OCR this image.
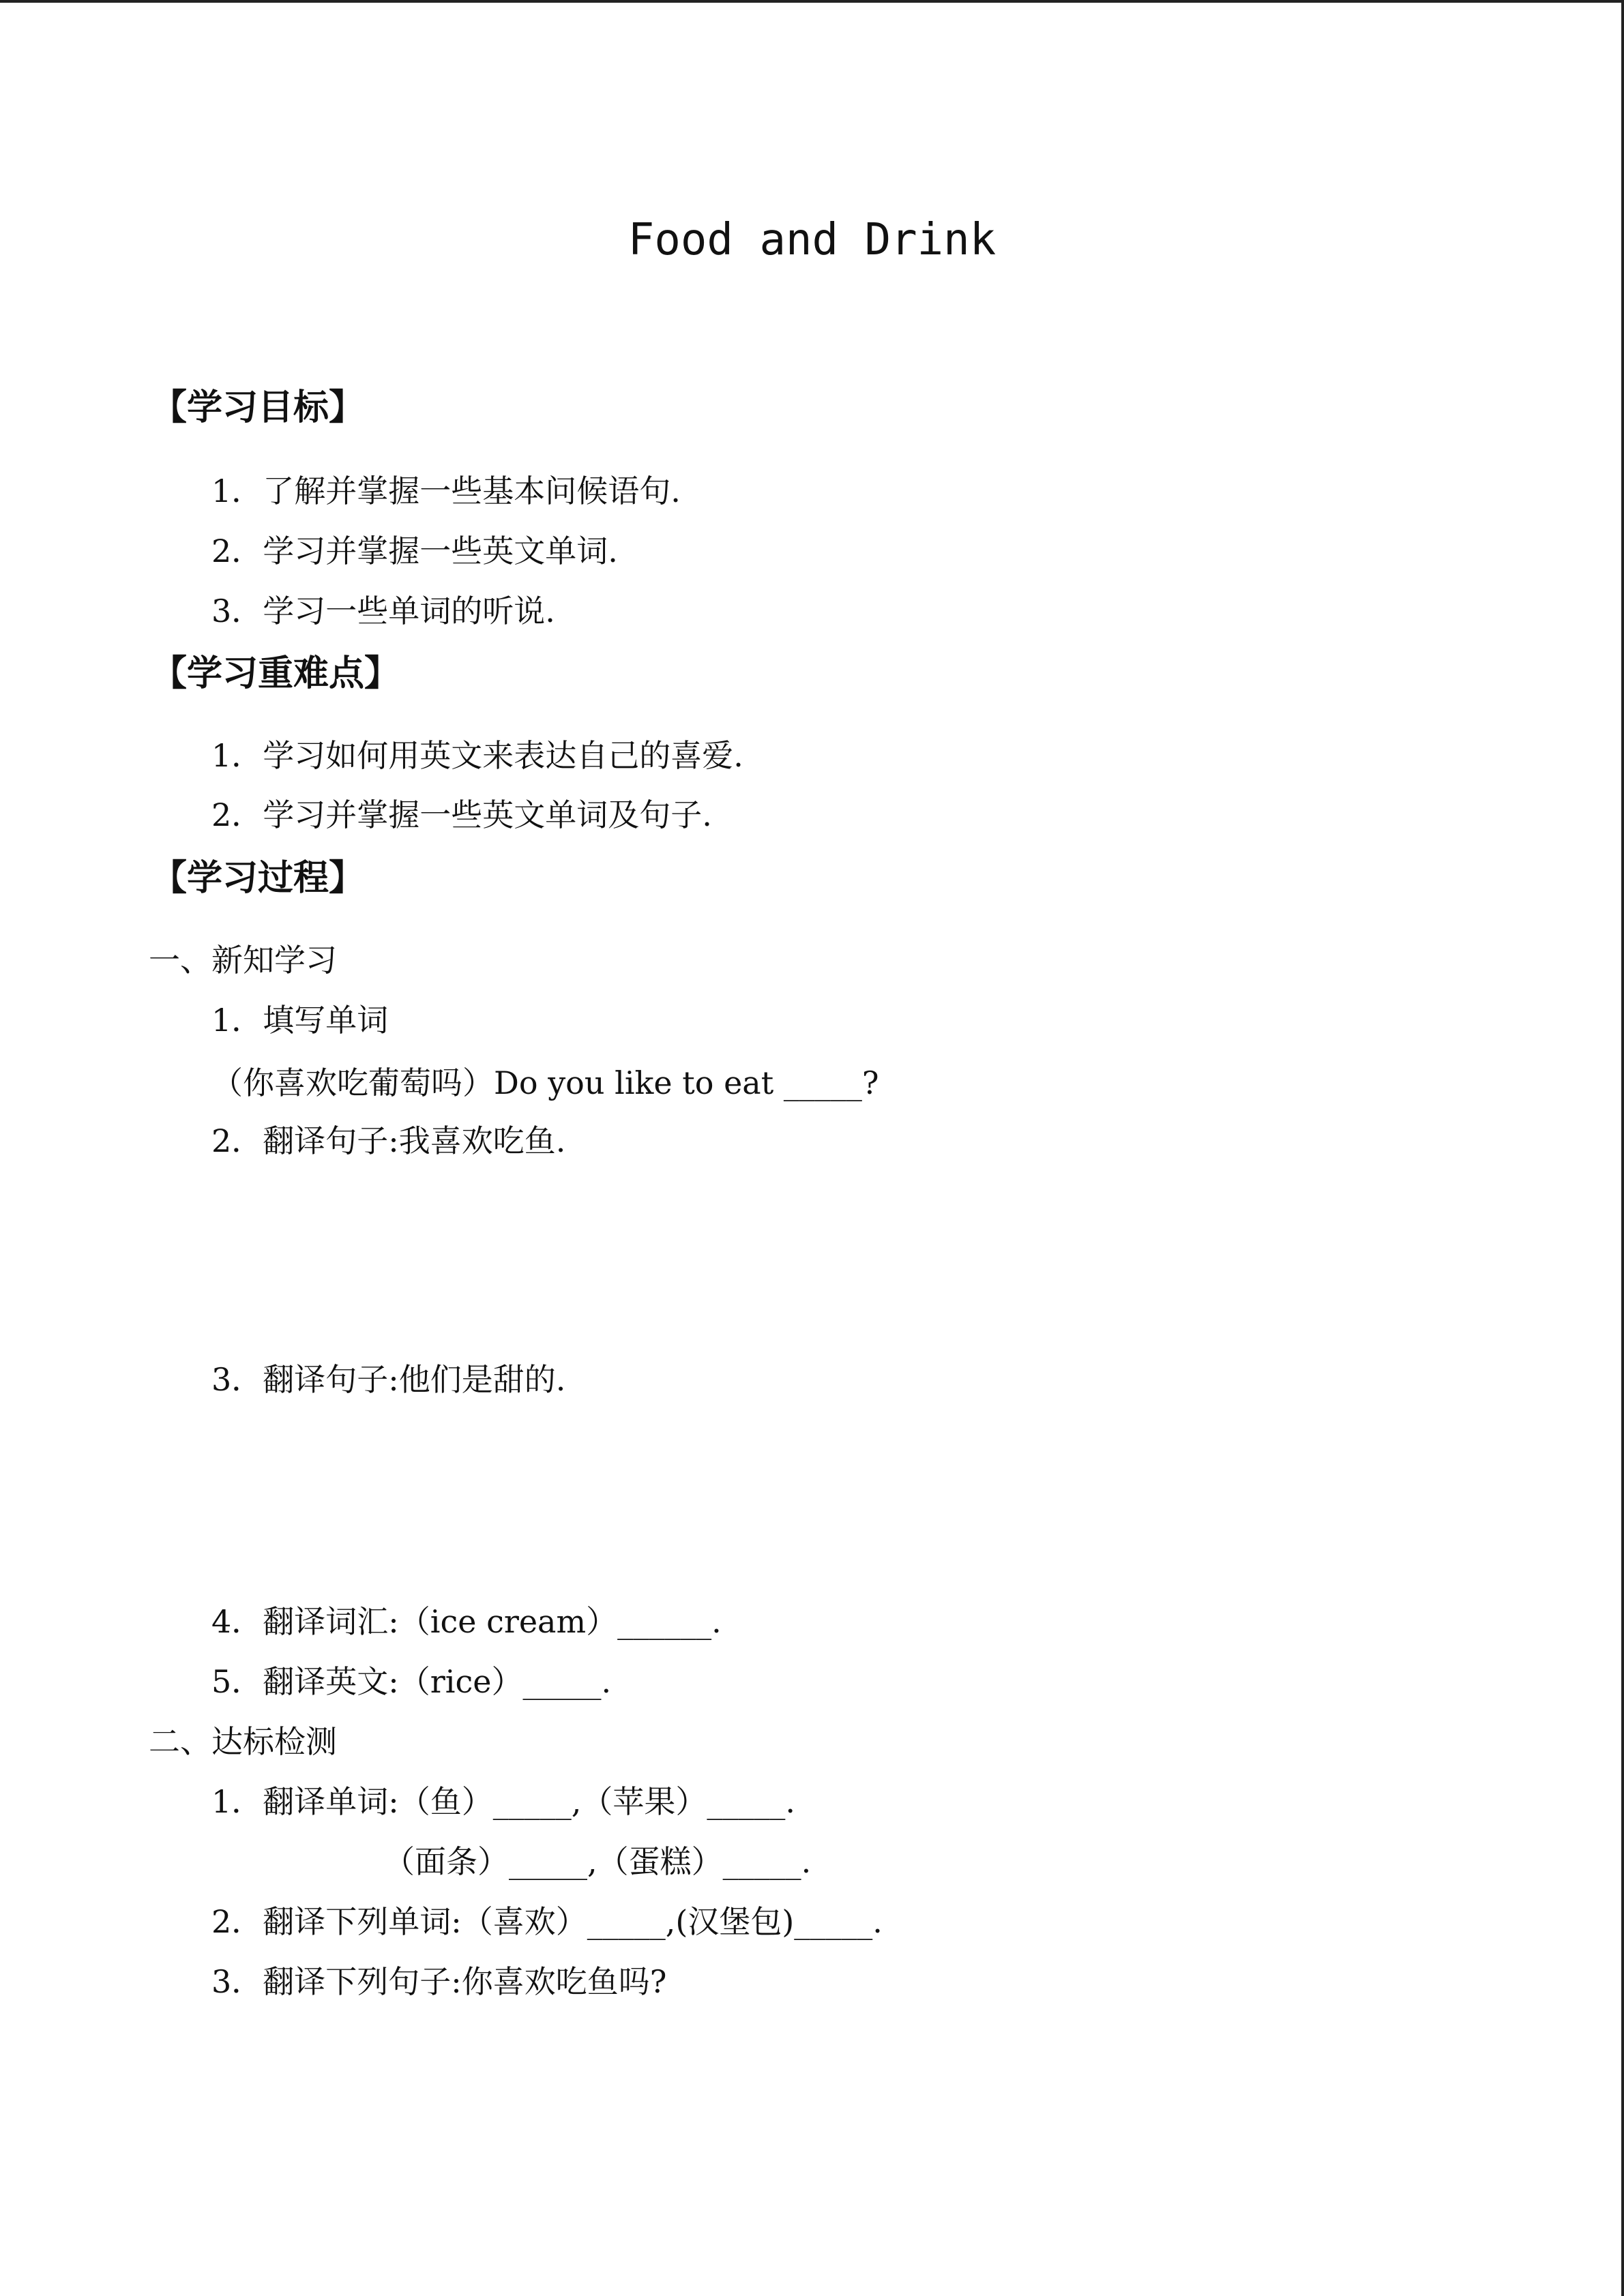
Food and Drink
【学习目标】
1．了解并掌握一些基本问候语句.
2．学习并掌握一些英文单词.
3．学习一些单词的听说.
【学习重难点】
1．学习如何用英文来表达自己的喜爱.
2．学习并掌握一些英文单词及句子.
【学习过程】
一、新知学习
1．填写单词
（你喜欢吃葡萄吗）Do you like to eat _____?
2．翻译句子:我喜欢吃鱼.
3．翻译句子:他们是甜的.
4．翻译词汇:（ice cream）______.
5．翻译英文:（rice）_____.
二、达标检测
1．翻译单词:（鱼）_____,（苹果）_____.
（面条）_____,（蛋糕）_____.
2．翻译下列单词:（喜欢）_____,(汉堡包)_____.
3．翻译下列句子:你喜欢吃鱼吗?
